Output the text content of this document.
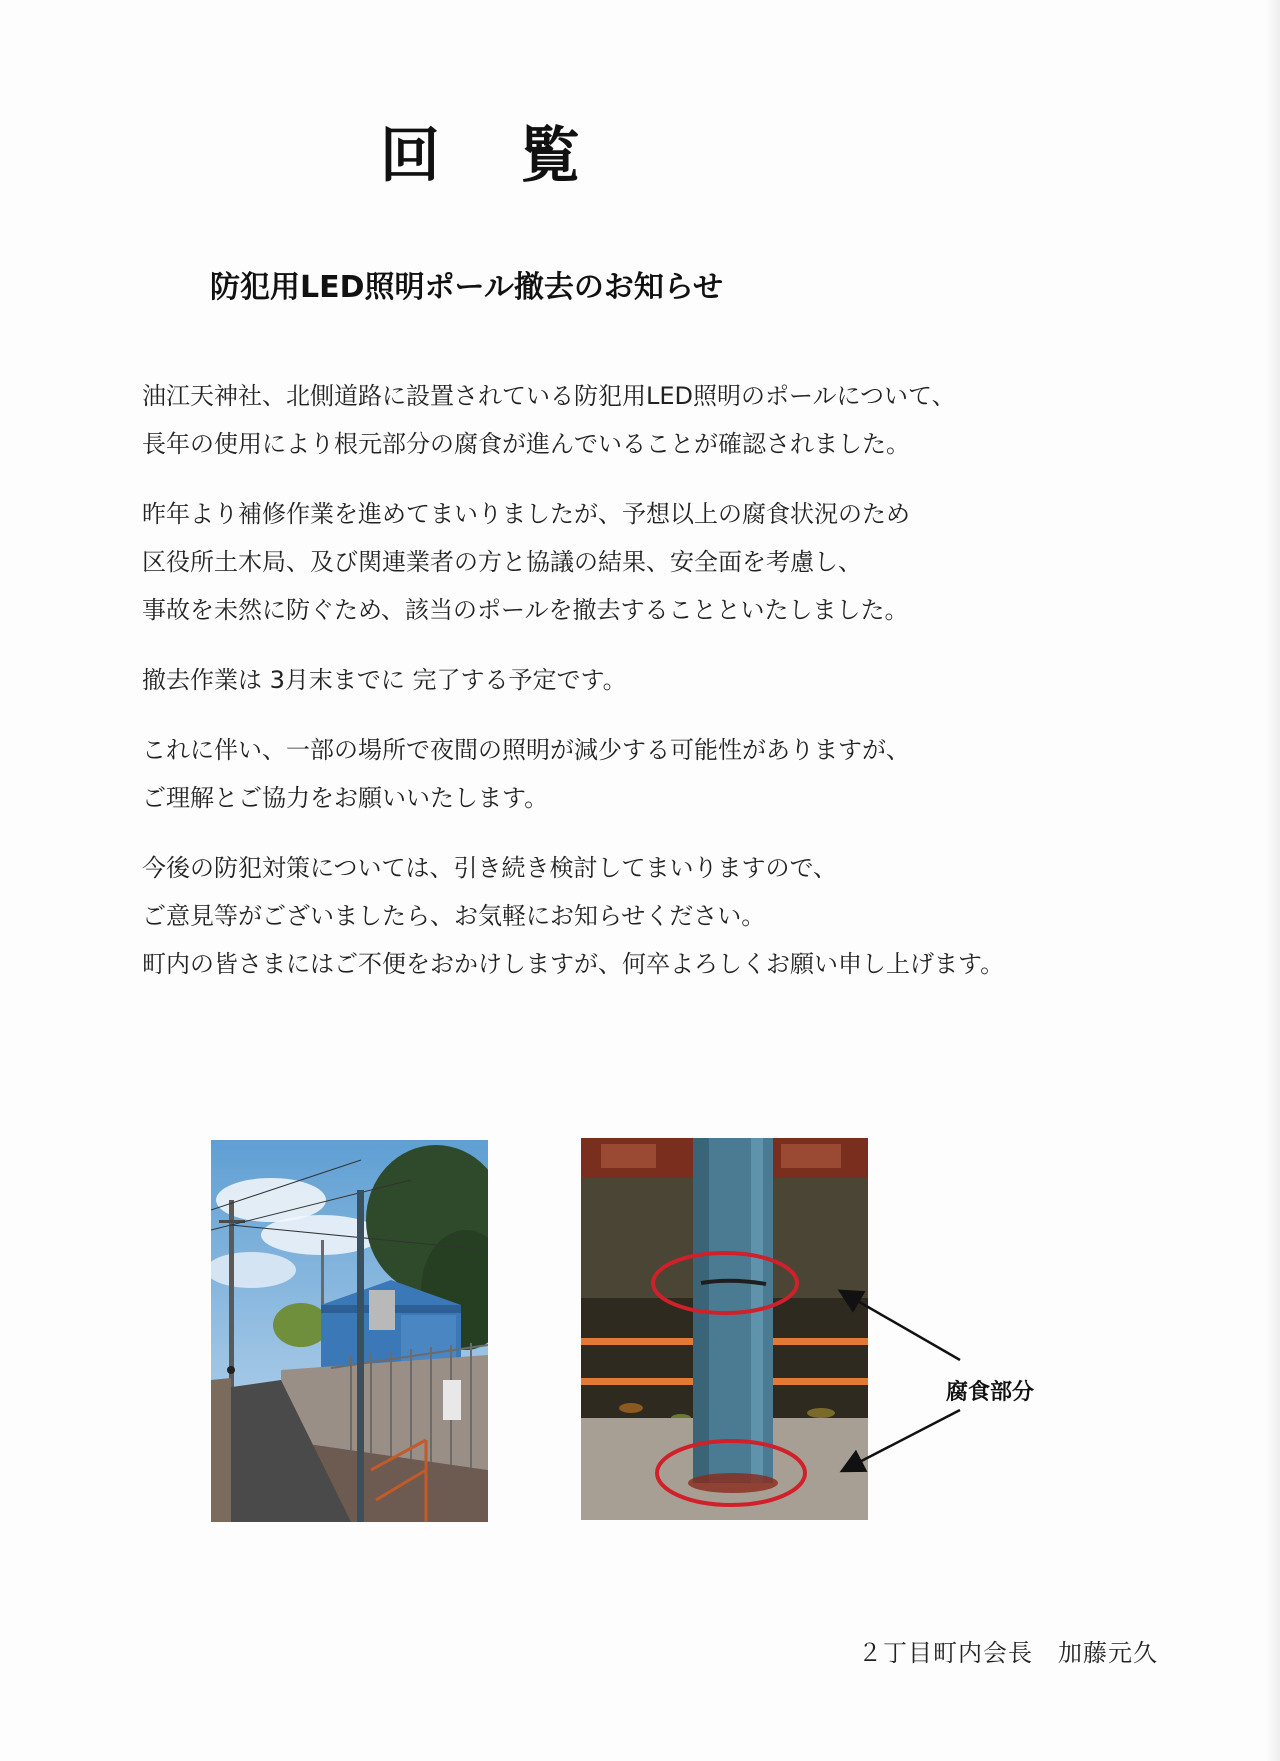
回覧
防犯用LED照明ポール撤去のお知らせ

油江天神社、北側道路に設置されている防犯用LED照明のポールについて、
長年の使用により根元部分の腐食が進んでいることが確認されました。

昨年より補修作業を進めてまいりましたが、予想以上の腐食状況のため
区役所土木局、及び関連業者の方と協議の結果、安全面を考慮し、
事故を未然に防ぐため、該当のポールを撤去することといたしました。

撤去作業は 3月末までに 完了する予定です。

これに伴い、一部の場所で夜間の照明が減少する可能性がありますが、
ご理解とご協力をお願いいたします。

今後の防犯対策については、引き続き検討してまいりますので、
ご意見等がございましたら、お気軽にお知らせください。
町内の皆さまにはご不便をおかけしますが、何卒よろしくお願い申し上げます。

腐食部分
２丁目町内会長　加藤元久
